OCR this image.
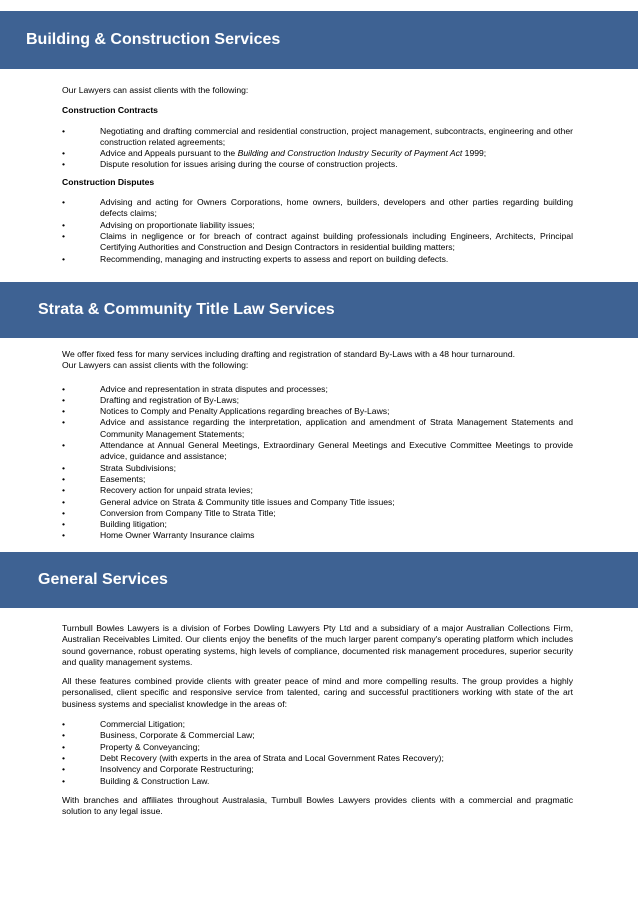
Building & Construction Services

Our Lawyers can assist clients with the following:

Construction Contracts

•	Negotiating and drafting commercial and residential construction, project management, subcontracts, engineering and other construction related agreements;
•	Advice and Appeals pursuant to the Building and Construction Industry Security of Payment Act 1999;
•	Dispute resolution for issues arising during the course of construction projects.

Construction Disputes

•	Advising and acting for Owners Corporations, home owners, builders, developers and other parties regarding building defects claims;
•	Advising on proportionate liability issues;
•	Claims in negligence or for breach of contract against building professionals including Engineers, Architects, Principal Certifying Authorities and Construction and Design Contractors in residential building matters;
•	Recommending, managing and instructing experts to assess and report on building defects.
Strata & Community Title Law Services

We offer fixed fess for many services including drafting and registration of standard By-Laws with a 48 hour turnaround.

Our Lawyers can assist clients with the following:

•	Advice and representation in strata disputes and processes;
•	Drafting and registration of By-Laws;
•	Notices to Comply and Penalty Applications regarding breaches of By-Laws;
•	Advice and assistance regarding the interpretation, application and amendment of Strata Management Statements and Community Management Statements;
•	Attendance at Annual General Meetings, Extraordinary General Meetings and Executive Committee Meetings to provide advice, guidance and assistance;
•	Strata Subdivisions;
•	Easements;
•	Recovery action for unpaid strata levies;
•	General advice on Strata & Community title issues and Company Title issues;
•	Conversion from Company Title to Strata Title;
•	Building litigation;
•	Home Owner Warranty Insurance claims
General Services

Turnbull Bowles Lawyers is a division of Forbes Dowling Lawyers Pty Ltd and a subsidiary of a major Australian Collections Firm, Australian Receivables Limited. Our clients enjoy the benefits of the much larger parent company's operating platform which includes sound governance, robust operating systems, high levels of compliance, documented risk management procedures, superior security and quality management systems.

All these features combined provide clients with greater peace of mind and more compelling results. The group provides a highly personalised, client specific and responsive service from talented, caring and successful practitioners working with state of the art business systems and specialist knowledge in the areas of:

•	Commercial Litigation;
•	Business, Corporate & Commercial Law;
•	Property & Conveyancing;
•	Debt Recovery (with experts in the area of Strata and Local Government Rates Recovery);
•	Insolvency and Corporate Restructuring;
•	Building & Construction Law.

With branches and affiliates throughout Australasia, Turnbull Bowles Lawyers provides clients with a commercial and pragmatic solution to any legal issue.
